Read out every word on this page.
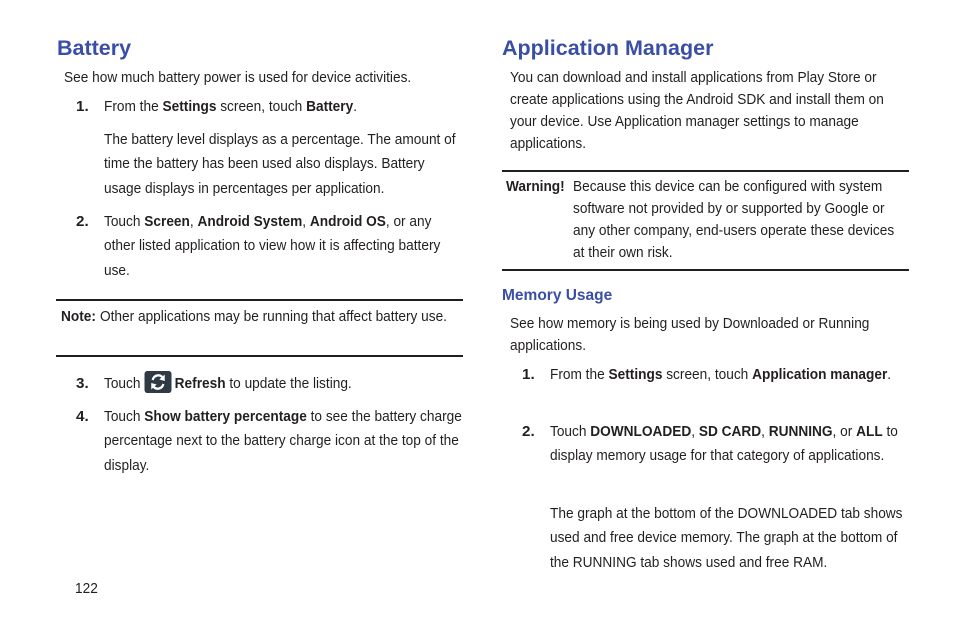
Battery
See how much battery power is used for device activities.
1. From the Settings screen, touch Battery.
The battery level displays as a percentage. The amount of time the battery has been used also displays. Battery usage displays in percentages per application.
2. Touch Screen, Android System, Android OS, or any other listed application to view how it is affecting battery use.
Note: Other applications may be running that affect battery use.
3. Touch Refresh to update the listing.
4. Touch Show battery percentage to see the battery charge percentage next to the battery charge icon at the top of the display.
122
Application Manager
You can download and install applications from Play Store or create applications using the Android SDK and install them on your device. Use Application manager settings to manage applications.
Warning! Because this device can be configured with system software not provided by or supported by Google or any other company, end-users operate these devices at their own risk.
Memory Usage
See how memory is being used by Downloaded or Running applications.
1. From the Settings screen, touch Application manager.
2. Touch DOWNLOADED, SD CARD, RUNNING, or ALL to display memory usage for that category of applications.
The graph at the bottom of the DOWNLOADED tab shows used and free device memory. The graph at the bottom of the RUNNING tab shows used and free RAM.
